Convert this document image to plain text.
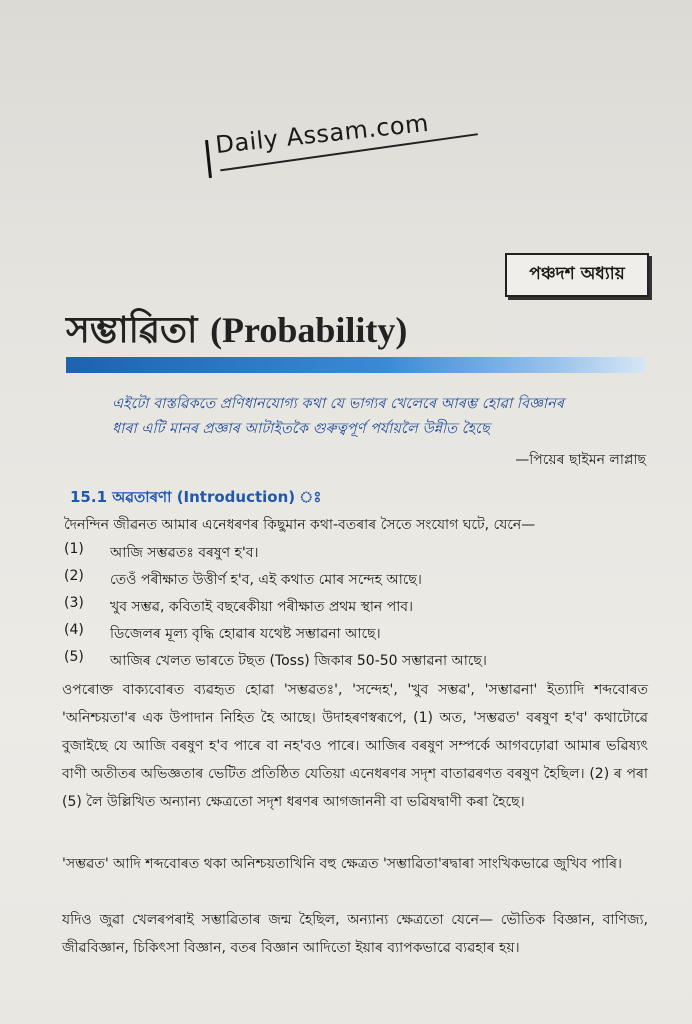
Daily Assam.com
পঞ্চদশ অধ্যায়
সম্ভাৱিতা (Probability)
এইটো বাস্তৱিকতে প্ৰণিধানযোগ্য কথা যে ভাগ্যৰ খেলেৰে আৰম্ভ হোৱা বিজ্ঞানৰ
ধাৰা এটি মানৰ প্ৰজ্ঞাৰ আটাইতকৈ গুৰুত্বপূৰ্ণ পৰ্যায়লৈ উন্নীত হৈছে
—পিয়েৰ ছাইমন লাপ্লাছ
15.1 অৱতাৰণা (Introduction) ঃ
দৈনন্দিন জীৱনত আমাৰ এনেধৰণৰ কিছুমান কথা-বতৰাৰ সৈতে সংযোগ ঘটে, যেনে—
(1)	আজি সম্ভৱতঃ বৰষুণ হ'ব।
(2)	তেওঁ পৰীক্ষাত উত্তীৰ্ণ হ'ব, এই কথাত মোৰ সন্দেহ আছে।
(3)	খুব সম্ভৱ, কবিতাই বছৰেকীয়া পৰীক্ষাত প্ৰথম স্থান পাব।
(4)	ডিজেলৰ মূল্য বৃদ্ধি হোৱাৰ যথেষ্ট সম্ভাৱনা আছে।
(5)	আজিৰ খেলত ভাৰতে টছত (Toss) জিকাৰ 50-50 সম্ভাৱনা আছে।
ওপৰোক্ত বাক্যবোৰত ব্যৱহৃত হোৱা 'সম্ভৱতঃ', 'সন্দেহ', 'খুব সম্ভৱ', 'সম্ভাৱনা' ইত্যাদি শব্দবোৰত 'অনিশ্চয়তা'ৰ এক উপাদান নিহিত হৈ আছে। উদাহৰণস্বৰূপে, (1) অত, 'সম্ভৱত' বৰষুণ হ'ব' কথাটোৱে বুজাইছে যে আজি বৰষুণ হ'ব পাৰে বা নহ'বও পাৰে। আজিৰ বৰষুণ সম্পৰ্কে আগবঢ়োৱা আমাৰ ভৱিষ্যৎ বাণী অতীতৰ অভিজ্ঞতাৰ ভেটিত প্ৰতিষ্ঠিত যেতিয়া এনেধৰণৰ সদৃশ বাতাৱৰণত বৰষুণ হৈছিল। (2) ৰ পৰা (5) লৈ উল্লিখিত অন্যান্য ক্ষেত্ৰতো সদৃশ ধৰণৰ আগজাননী বা ভৱিষদ্বাণী কৰা হৈছে।
'সম্ভৱত' আদি শব্দবোৰত থকা অনিশ্চয়তাখিনি বহু ক্ষেত্ৰত 'সম্ভাৱিতা'ৰদ্বাৰা সাংখিকভাৱে জুখিব পাৰি।
যদিও জুৱা খেলৰপৰাই সম্ভাৱিতাৰ জন্ম হৈছিল, অন্যান্য ক্ষেত্ৰতো যেনে— ভৌতিক বিজ্ঞান, বাণিজ্য, জীৱবিজ্ঞান, চিকিৎসা বিজ্ঞান, বতৰ বিজ্ঞান আদিতো ইয়াৰ ব্যাপকভাৱে ব্যৱহাৰ হয়।
